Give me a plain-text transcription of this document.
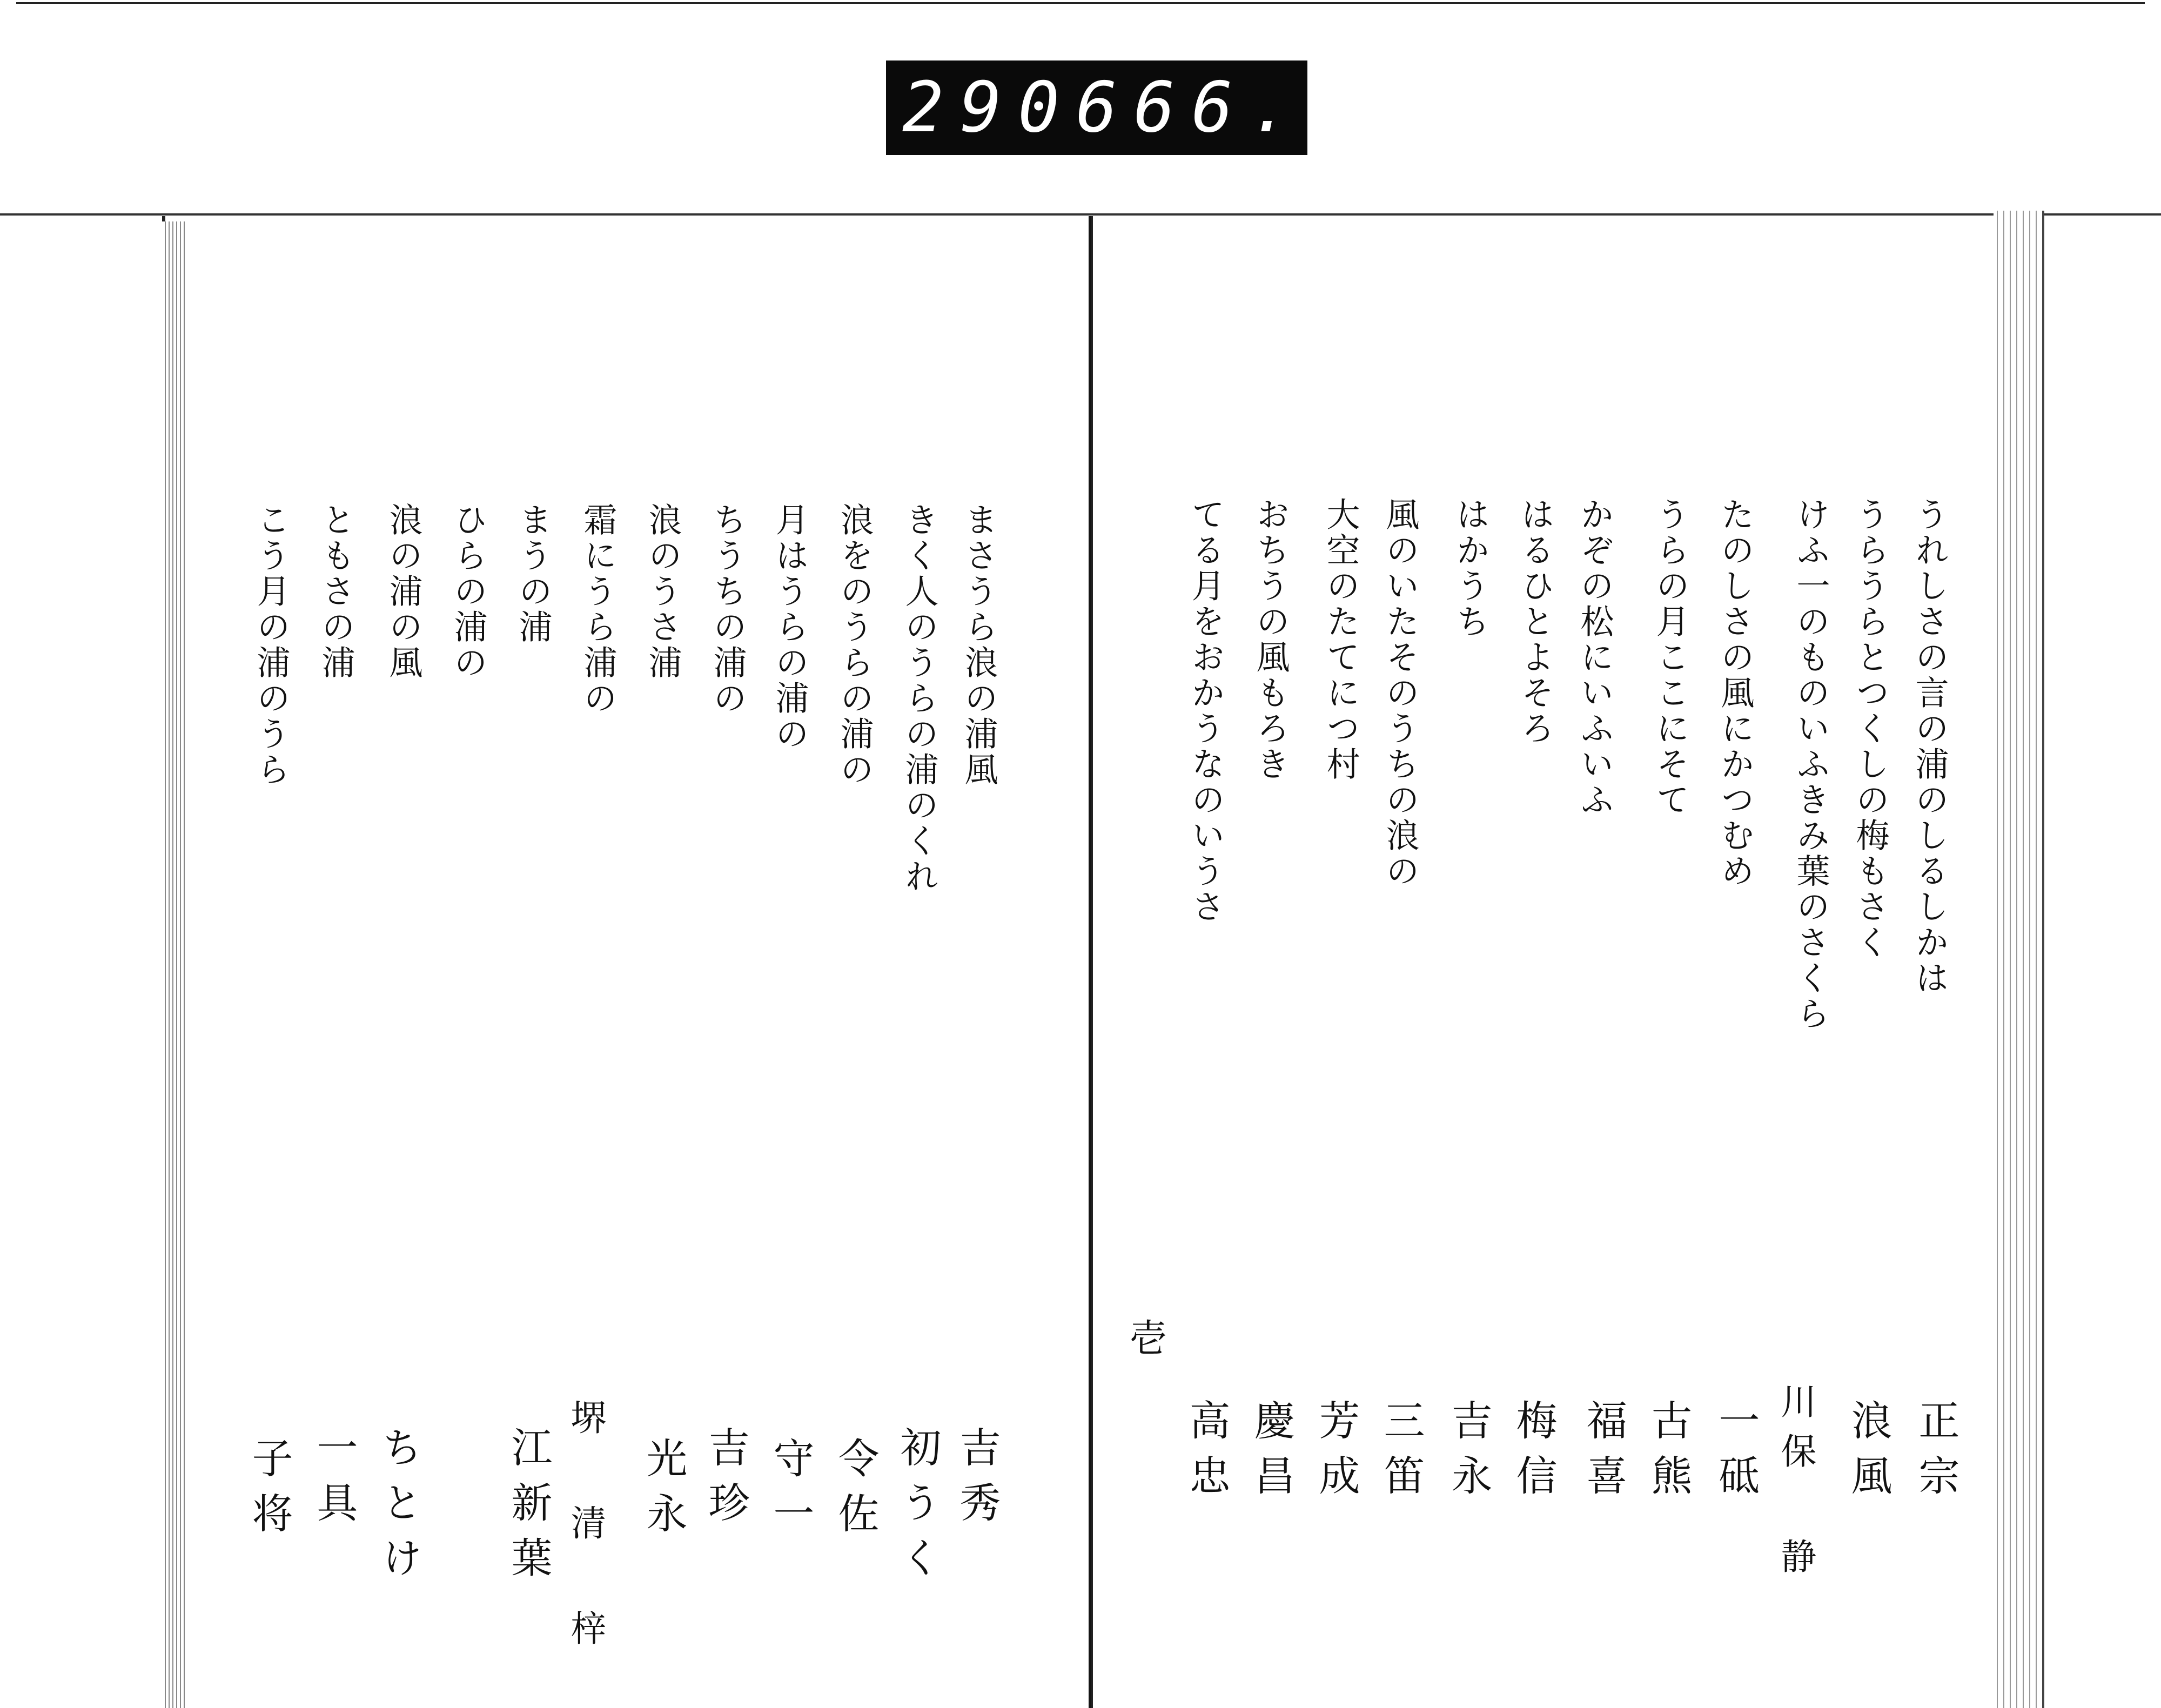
290 666.
うれしさの言の浦のしるしかは
うらうらとつくしの梅もさく
けふ一のものいふきみ葉のさくら
たのしさの風にかつむめ
うらの月ここにそて
かぞの松にいふいふ
はるひとよそろ
はかうち
風のいたそのうちの浪の
大空のたてにつ村
おちうの風もろき
てる月をおかうなのいうさ
壱
正宗
浪風
川保 静
一砥
古熊
福喜
梅信
吉永
三笛
芳成
慶昌
高忠
まさうら浪の浦風
きく人のうらの浦のくれ
浪をのうらの浦の
月はうらの浦の
ちうちの浦の
浪のうさ浦
霜にうら浦の
まうの浦
ひらの浦の
浪の浦の風
ともさの浦
こう月の浦のうら
吉秀
初うく
令佐
守一
吉珍
光永
堺 清 梓
江新葉
ちとけ
一具
子将
